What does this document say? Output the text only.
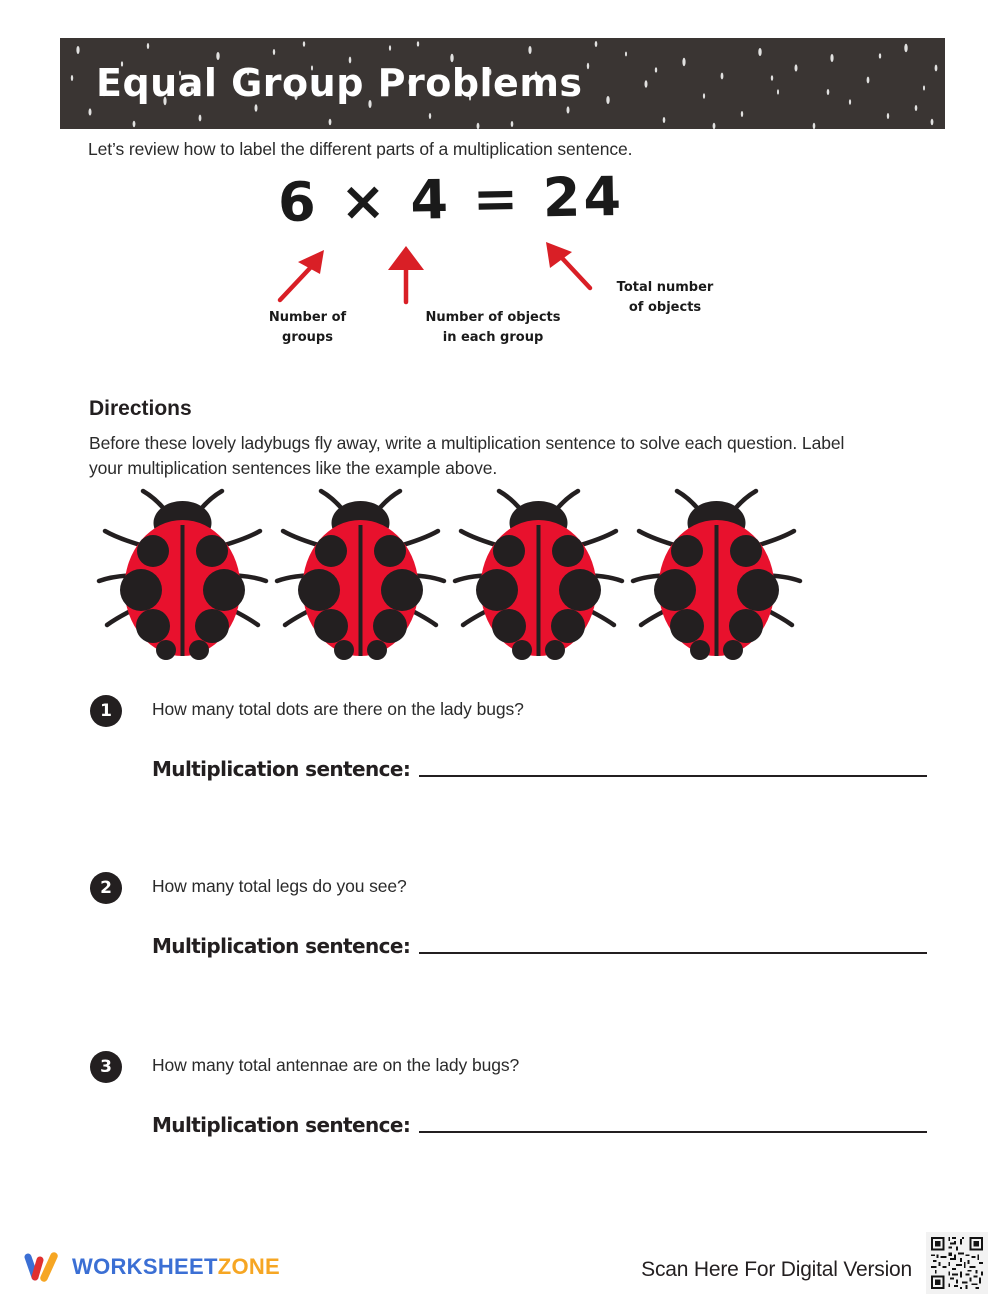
Equal Group Problems
Let’s review how to label the different parts of a multiplication sentence.
6 × 4 = 24
Number of
groups
Number of objects
in each group
Total number
of objects
Directions
Before these lovely ladybugs fly away, write a multiplication sentence to solve each question. Label your multiplication sentences like the example above.
1	How many total dots are there on the lady bugs?
Multiplication sentence:
2	How many total legs do you see?
Multiplication sentence:
3	How many total antennae are on the lady bugs?
Multiplication sentence:
WORKSHEETZONE	Scan Here For Digital Version
